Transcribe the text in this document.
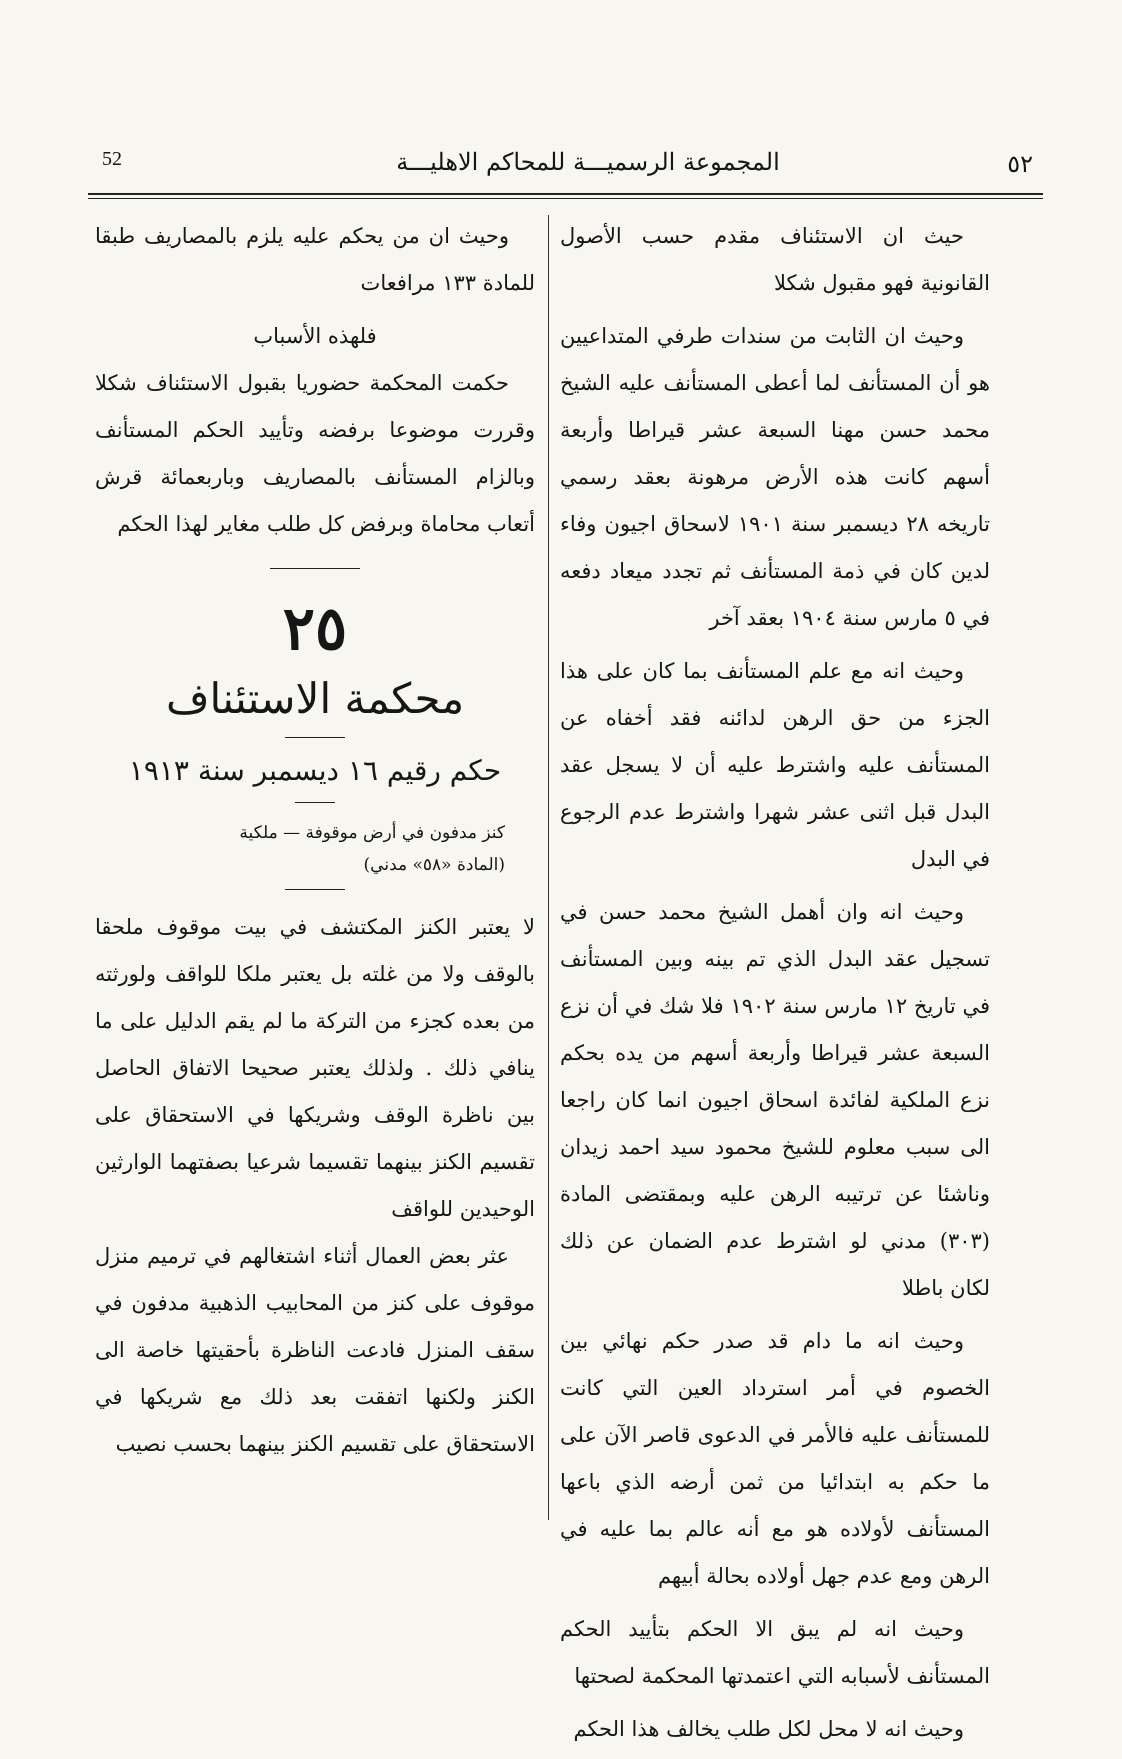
52	المجموعة الرسميـــة للمحاكم الاهليـــة	٥٢

حيث ان الاستئناف مقدم حسب الأصول القانونية فهو مقبول شكلا

وحيث ان الثابت من سندات طرفي المتداعيين هو أن المستأنف لما أعطى المستأنف عليه الشيخ محمد حسن مهنا السبعة عشر قيراطا وأربعة أسهم كانت هذه الأرض مرهونة بعقد رسمي تاريخه ٢٨ ديسمبر سنة ١٩٠١ لاسحاق اجيون وفاء لدين كان في ذمة المستأنف ثم تجدد ميعاد دفعه في ٥ مارس سنة ١٩٠٤ بعقد آخر

وحيث انه مع علم المستأنف بما كان على هذا الجزء من حق الرهن لدائنه فقد أخفاه عن المستأنف عليه واشترط عليه أن لا يسجل عقد البدل قبل اثنى عشر شهرا واشترط عدم الرجوع في البدل

وحيث انه وان أهمل الشيخ محمد حسن في تسجيل عقد البدل الذي تم بينه وبين المستأنف في تاريخ ١٢ مارس سنة ١٩٠٢ فلا شك في أن نزع السبعة عشر قيراطا وأربعة أسهم من يده بحكم نزع الملكية لفائدة اسحاق اجيون انما كان راجعا الى سبب معلوم للشيخ محمود سيد احمد زيدان وناشئا عن ترتيبه الرهن عليه وبمقتضى المادة (٣٠٣) مدني لو اشترط عدم الضمان عن ذلك لكان باطلا

وحيث انه ما دام قد صدر حكم نهائي بين الخصوم في أمر استرداد العين التي كانت للمستأنف عليه فالأمر في الدعوى قاصر الآن على ما حكم به ابتدائيا من ثمن أرضه الذي باعها المستأنف لأولاده هو مع أنه عالم بما عليه في الرهن ومع عدم جهل أولاده بحالة أبيهم

وحيث انه لم يبق الا الحكم بتأييد الحكم المستأنف لأسبابه التي اعتمدتها المحكمة لصحتها

وحيث انه لا محل لكل طلب يخالف هذا الحكم

وحيث ان من يحكم عليه يلزم بالمصاريف طبقا للمادة ١٣٣ مرافعات

فلهذه الأسباب

حكمت المحكمة حضوريا بقبول الاستئناف شكلا وقررت موضوعا برفضه وتأييد الحكم المستأنف وبالزام المستأنف بالمصاريف وباربعمائة قرش أتعاب محاماة وبرفض كل طلب مغاير لهذا الحكم

٢٥
محكمة الاستئناف
حكم رقيم ١٦ ديسمبر سنة ١٩١٣
كنز مدفون في أرض موقوفة — ملكية
(المادة «٥٨» مدني)

لا يعتبر الكنز المكتشف في بيت موقوف ملحقا بالوقف ولا من غلته بل يعتبر ملكا للواقف ولورثته من بعده كجزء من التركة ما لم يقم الدليل على ما ينافي ذلك . ولذلك يعتبر صحيحا الاتفاق الحاصل بين ناظرة الوقف وشريكها في الاستحقاق على تقسيم الكنز بينهما تقسيما شرعيا بصفتهما الوارثين الوحيدين للواقف

عثر بعض العمال أثناء اشتغالهم في ترميم منزل موقوف على كنز من المحابيب الذهبية مدفون في سقف المنزل فادعت الناظرة بأحقيتها خاصة الى الكنز ولكنها اتفقت بعد ذلك مع شريكها في الاستحقاق على تقسيم الكنز بينهما بحسب نصيب
